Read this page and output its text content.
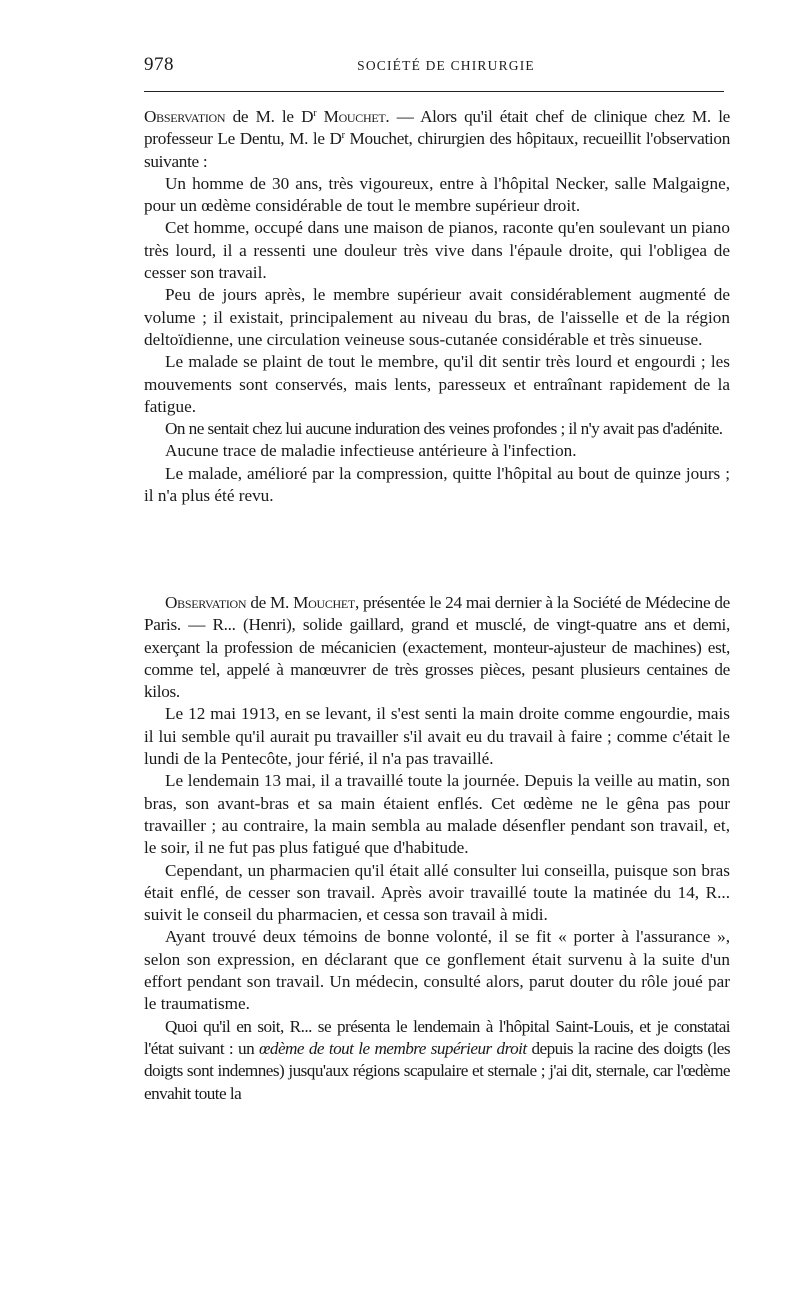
978	SOCIÉTÉ DE CHIRURGIE

Observation de M. le $D^r$ Mouchet. — Alors qu'il était chef de clinique chez M. le professeur Le Dentu, M. le $D^r$ Mouchet, chirurgien des hôpitaux, recueillit l'observation suivante :

Un homme de 30 ans, très vigoureux, entre à l'hôpital Necker, salle Malgaigne, pour un œdème considérable de tout le membre supérieur droit.

Cet homme, occupé dans une maison de pianos, raconte qu'en soulevant un piano très lourd, il a ressenti une douleur très vive dans l'épaule droite, qui l'obligea de cesser son travail.

Peu de jours après, le membre supérieur avait considérablement augmenté de volume ; il existait, principalement au niveau du bras, de l'aisselle et de la région deltoïdienne, une circulation veineuse sous-cutanée considérable et très sinueuse.

Le malade se plaint de tout le membre, qu'il dit sentir très lourd et engourdi ; les mouvements sont conservés, mais lents, paresseux et entraînant rapidement de la fatigue.

On ne sentait chez lui aucune induration des veines profondes ; il n'y avait pas d'adénite.

Aucune trace de maladie infectieuse antérieure à l'infection.

Le malade, amélioré par la compression, quitte l'hôpital au bout de quinze jours ; il n'a plus été revu.

Observation de M. Mouchet, présentée le 24 mai dernier à la Société de Médecine de Paris. — R... (Henri), solide gaillard, grand et musclé, de vingt-quatre ans et demi, exerçant la profession de mécanicien (exactement, monteur-ajusteur de machines) est, comme tel, appelé à manœuvrer de très grosses pièces, pesant plusieurs centaines de kilos.

Le 12 mai 1913, en se levant, il s'est senti la main droite comme engourdie, mais il lui semble qu'il aurait pu travailler s'il avait eu du travail à faire ; comme c'était le lundi de la Pentecôte, jour férié, il n'a pas travaillé.

Le lendemain 13 mai, il a travaillé toute la journée. Depuis la veille au matin, son bras, son avant-bras et sa main étaient enflés. Cet œdème ne le gêna pas pour travailler ; au contraire, la main sembla au malade désenfler pendant son travail, et, le soir, il ne fut pas plus fatigué que d'habitude.

Cependant, un pharmacien qu'il était allé consulter lui conseilla, puisque son bras était enflé, de cesser son travail. Après avoir travaillé toute la matinée du 14, R... suivit le conseil du pharmacien, et cessa son travail à midi.

Ayant trouvé deux témoins de bonne volonté, il se fit « porter à l'assurance », selon son expression, en déclarant que ce gonflement était survenu à la suite d'un effort pendant son travail. Un médecin, consulté alors, parut douter du rôle joué par le traumatisme.

Quoi qu'il en soit, R... se présenta le lendemain à l'hôpital Saint-Louis, et je constatai l'état suivant : un œdème de tout le membre supérieur droit depuis la racine des doigts (les doigts sont indemnes) jusqu'aux régions scapulaire et sternale ; j'ai dit, sternale, car l'œdème envahit toute la
